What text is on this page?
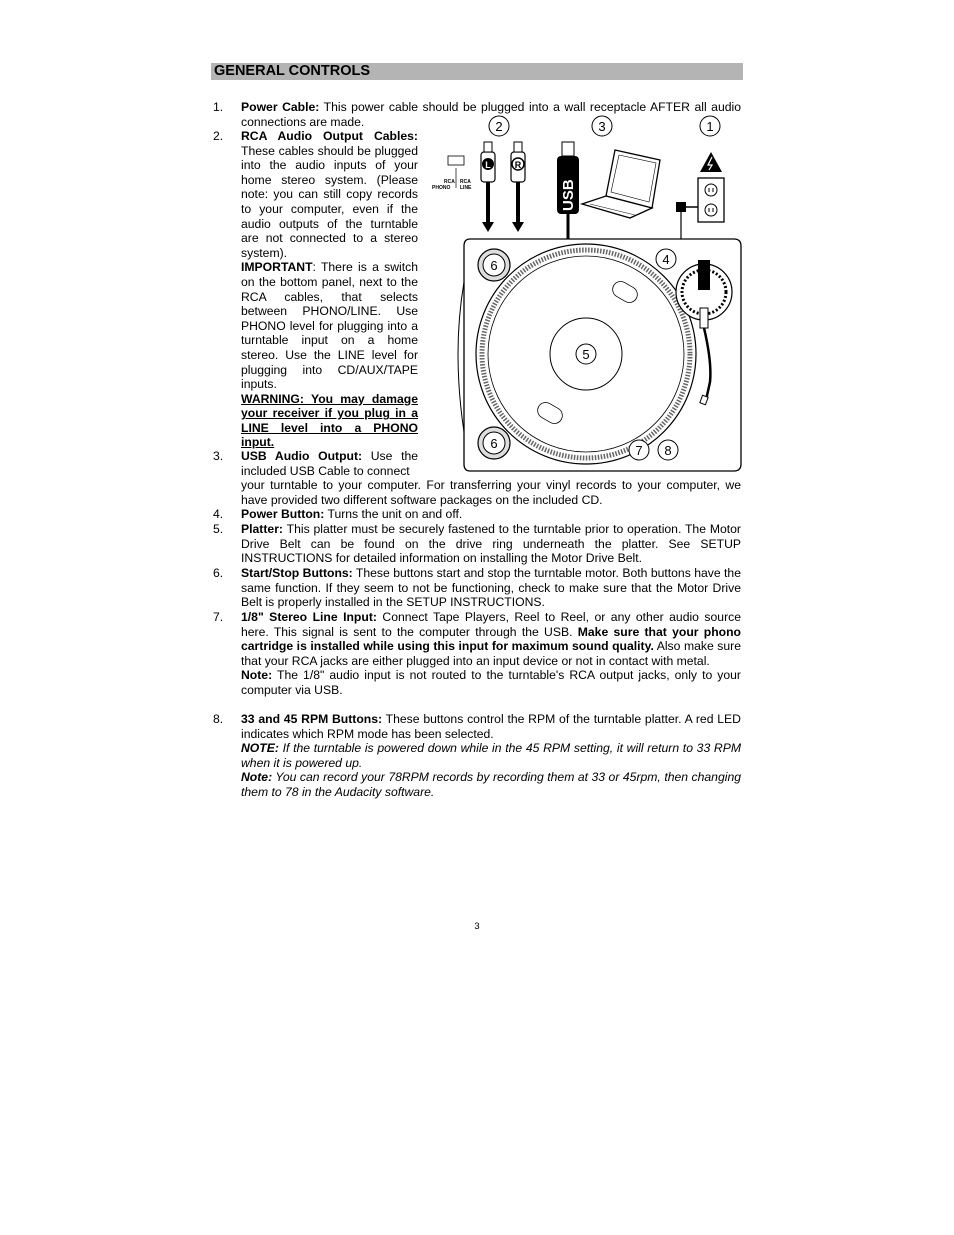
GENERAL CONTROLS
1. Power Cable: This power cable should be plugged into a wall receptacle AFTER all audio connections are made.
2. RCA Audio Output Cables: These cables should be plugged into the audio inputs of your home stereo system. (Please note: you can still copy records to your computer, even if the audio outputs of the turntable are not connected to a stereo system).

IMPORTANT: There is a switch on the bottom panel, next to the RCA cables, that selects between PHONO/LINE. Use PHONO level for plugging into a turntable input on a home stereo. Use the LINE level for plugging into CD/AUX/TAPE inputs.

WARNING: You may damage your receiver if you plug in a LINE level into a PHONO input.

3. USB Audio Output: Use the included USB Cable to connect

your turntable to your computer. For transferring your vinyl records to your computer, we have provided two different software packages on the included CD.

4. Power Button: Turns the unit on and off.
5. Platter: This platter must be securely fastened to the turntable prior to operation. The Motor Drive Belt can be found on the drive ring underneath the platter. See SETUP INSTRUCTIONS for detailed information on installing the Motor Drive Belt.
6. Start/Stop Buttons: These buttons start and stop the turntable motor. Both buttons have the same function. If they seem to not be functioning, check to make sure that the Motor Drive Belt is properly installed in the SETUP INSTRUCTIONS.
7. 1/8" Stereo Line Input: Connect Tape Players, Reel to Reel, or any other audio source here. This signal is sent to the computer through the USB. Make sure that your phono cartridge is installed while using this input for maximum sound quality. Also make sure that your RCA jacks are either plugged into an input device or not in contact with metal.

Note: The 1/8" audio input is not routed to the turntable's RCA output jacks, only to your computer via USB.

8. 33 and 45 RPM Buttons: These buttons control the RPM of the turntable platter. A red LED indicates which RPM mode has been selected.

NOTE: If the turntable is powered down while in the 45 RPM setting, it will return to 33 RPM when it is powered up.

Note: You can record your 78RPM records by recording them at 33 or 45rpm, then changing them to 78 in the Audacity software.

2	3	1
RCA
PHONO
RCA
LINE
L	R
USB
5
6
6
4
7 8
3
